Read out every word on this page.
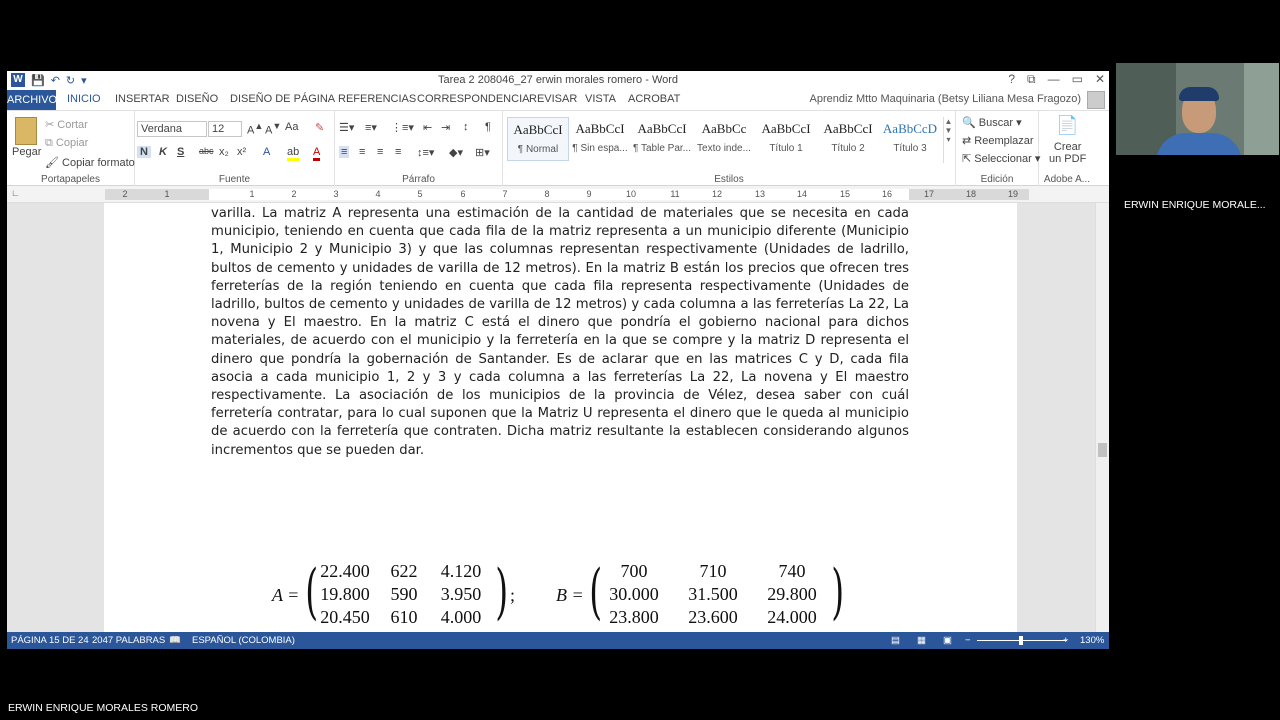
W 💾 ↶ ↻ ▾	Tarea 2 208046_27 erwin morales romero - Word	? ⧉ — ▭ ✕
ARCHIVO INICIO INSERTAR DISEÑO DISEÑO DE PÁGINA REFERENCIAS CORRESPONDENCIA REVISAR VISTA ACROBAT	Aprendiz Mtto Maquinaria (Betsy Liliana Mesa Fragozo)
Pegar
✂ Cortar
⧉ Copiar
🖌 Copiar formato
Portapapeles
Verdana	12	A▲ A▼ Aa ✎
N K S abc x₂ x² A ab A
Fuente
☰▾ ≡▾ ⋮≡▾ ⇤ ⇥ ↕ ¶
≡ ≡ ≡ ≡ ↕≡▾ ◆▾ ⊞▾
Párrafo
AaBbCcI
¶ Normal
AaBbCcI
¶ Sin espa...
AaBbCcI
¶ Table Par...
AaBbCc
Texto inde...
AaBbCcI
Título 1
AaBbCcI
Título 2
AaBbCcD
Título 3
▲
▼
▾
Estilos
🔍 Buscar ▾
⇄ Reemplazar
⇱ Seleccionar ▾
Edición
📄
Crear
un PDF
Adobe A...
∟	2	1	1	2	3	4	5	6	7	8	9	10	11	12	13	14	15	16	17	18	19

varilla. La matriz A representa una estimación de la cantidad de materiales que se necesita en cada municipio, teniendo en cuenta que cada fila de la matriz representa a un municipio diferente (Municipio 1, Municipio 2 y Municipio 3) y que las columnas representan respectivamente (Unidades de ladrillo, bultos de cemento y unidades de varilla de 12 metros). En la matriz B están los precios que ofrecen tres ferreterías de la región teniendo en cuenta que cada fila representa respectivamente (Unidades de ladrillo, bultos de cemento y unidades de varilla de 12 metros) y cada columna a las ferreterías La 22, La novena y El maestro. En la matriz C está el dinero que pondría el gobierno nacional para dichos materiales, de acuerdo con el municipio y la ferretería en la que se compre y la matriz D representa el dinero que pondría la gobernación de Santander. Es de aclarar que en las matrices C y D, cada fila asocia a cada municipio 1, 2 y 3 y cada columna a las ferreterías La 22, La novena y El maestro respectivamente. La asociación de los municipios de la provincia de Vélez, desea saber con cuál ferretería contratar, para lo cual suponen que la Matriz U representa el dinero que le queda al municipio de acuerdo con la ferretería que contraten. Dicha matriz resultante la establecen considerando algunos incrementos que se pueden dar.

A = ( 22.400	622	4.120
19.800	590	3.950
20.450	610	4.000 ) ; B = (	700	710	740
30.000	31.500	29.800
23.800	23.600	24.000 )
PÁGINA 15 DE 24 2047 PALABRAS 📖 ESPAÑOL (COLOMBIA)	▤ ▦ ▣ −	+ 130%
ERWIN ENRIQUE MORALE...
ERWIN ENRIQUE MORALES ROMERO
